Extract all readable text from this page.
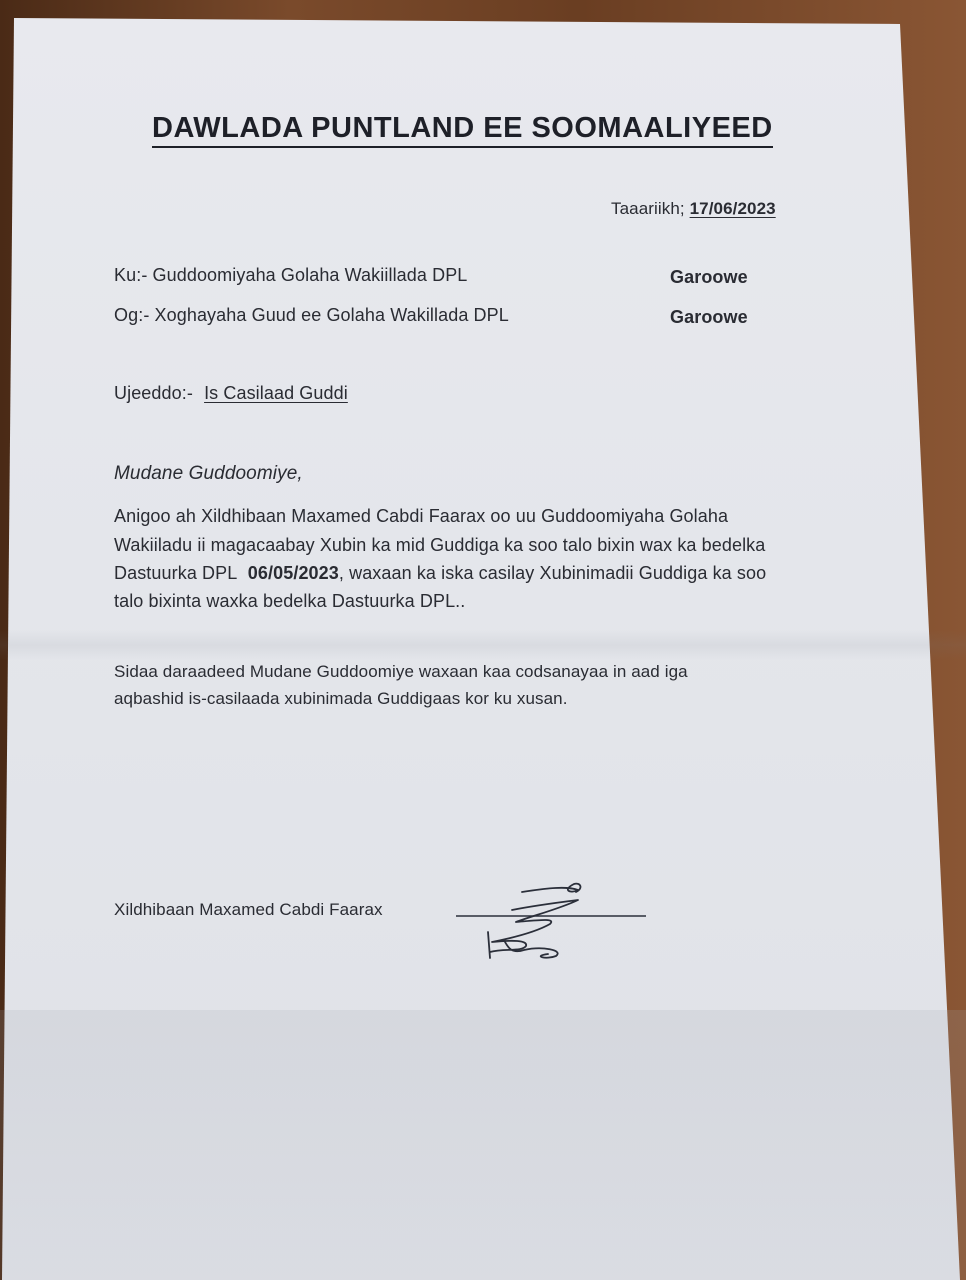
DAWLADA PUNTLAND EE SOOMAALIYEED
Taaariikh; 17/06/2023
Ku:- Guddoomiyaha Golaha Wakiillada DPL	Garoowe
Og:- Xoghayaha Guud ee Golaha Wakillada DPL	Garoowe
Ujeeddo:- Is Casilaad Guddi
Mudane Guddoomiye,
Anigoo ah Xildhibaan Maxamed Cabdi Faarax oo uu Guddoomiyaha Golaha
Wakiiladu ii magacaabay Xubin ka mid Guddiga ka soo talo bixin wax ka bedelka
Dastuurka DPL 06/05/2023, waxaan ka iska casilay Xubinimadii Guddiga ka soo
talo bixinta waxka bedelka Dastuurka DPL..
Sidaa daraadeed Mudane Guddoomiye waxaan kaa codsanayaa in aad iga
aqbashid is-casilaada xubinimada Guddigaas kor ku xusan.
Xildhibaan Maxamed Cabdi Faarax
